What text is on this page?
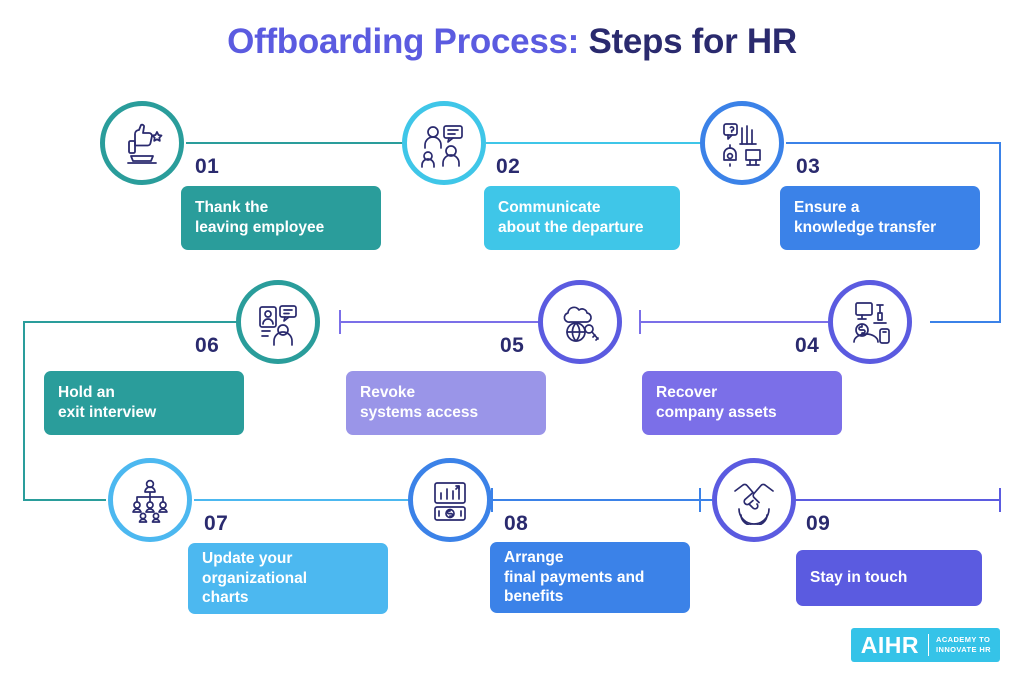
Offboarding Process: Steps for HR
01
Thank the
leaving employee
02
Communicate
about the departure
03
Ensure a
knowledge transfer
04
Recover
company assets
05
Revoke
systems access
06
Hold an
exit interview
07
Update your
organizational
charts
08
Arrange
final payments and
benefits
09
Stay in touch
AIHR	ACADEMY TO
INNOVATE HR
